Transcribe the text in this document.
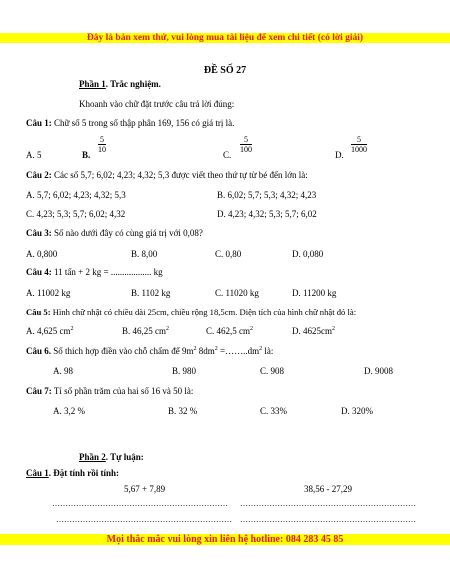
Đây là bản xem thử, vui lòng mua tài liệu để xem chi tiết (có lời giải)
ĐỀ SỐ 27
Phần 1. Trắc nghiệm.
Khoanh vào chữ đặt trước câu trả lời đúng:
Câu 1: Chữ số 5 trong số thập phân 169, 156 có giá trị là.
A. 5	B.
$\frac{5}{10}$
C.
$\frac{5}{100}$
D.
$\frac{5}{1000}$
Câu 2: Các số 5,7; 6,02; 4,23; 4,32; 5,3 được viết theo thứ tự từ bé đến lớn là:
A. 5,7; 6,02; 4,23; 4,32; 5,3	B. 6,02; 5,7; 5,3; 4,32; 4,23
C. 4,23; 5,3; 5,7; 6,02; 4,32	D. 4,23; 4,32; 5,3; 5,7; 6,02
Câu 3: Số nào dưới đây có cùng giá trị với 0,08?
A. 0,800	B. 8,00	C. 0,80	D. 0,080
Câu 4: 11 tấn + 2 kg = .................. kg
A. 11002 kg	B. 1102 kg	C. 11020 kg	D. 11200 kg
Câu 5: Hình chữ nhật có chiều dài 25cm, chiều rộng 18,5cm. Diện tích của hình chữ nhật đó là:
A. 4,625 $cm^2$	B. 46,25 $cm^2$	C. 462,5 $cm^2$	D. $4625cm^2$
Câu 6. Số thích hợp điền vào chỗ chấm để $9m^2$ $8dm^2$ $=\dots\dots..dm^2$ là:
A. 98	B. 980	C. 908	D. 9008
Câu 7: Tỉ số phần trăm của hai số 16 và 50 là:
A. 3,2 %	B. 32 %	C. 33%	D. 320%
Phần 2. Tự luận:
Câu 1. Đặt tính rồi tính:
5,67 + 7,89	38,56 - 27,29
………………………………………………………… …………………………………………………………
………………………………………………………… …………………………………………………………
Mọi thắc mắc vui lòng xin liên hệ hotline: 084 283 45 85
